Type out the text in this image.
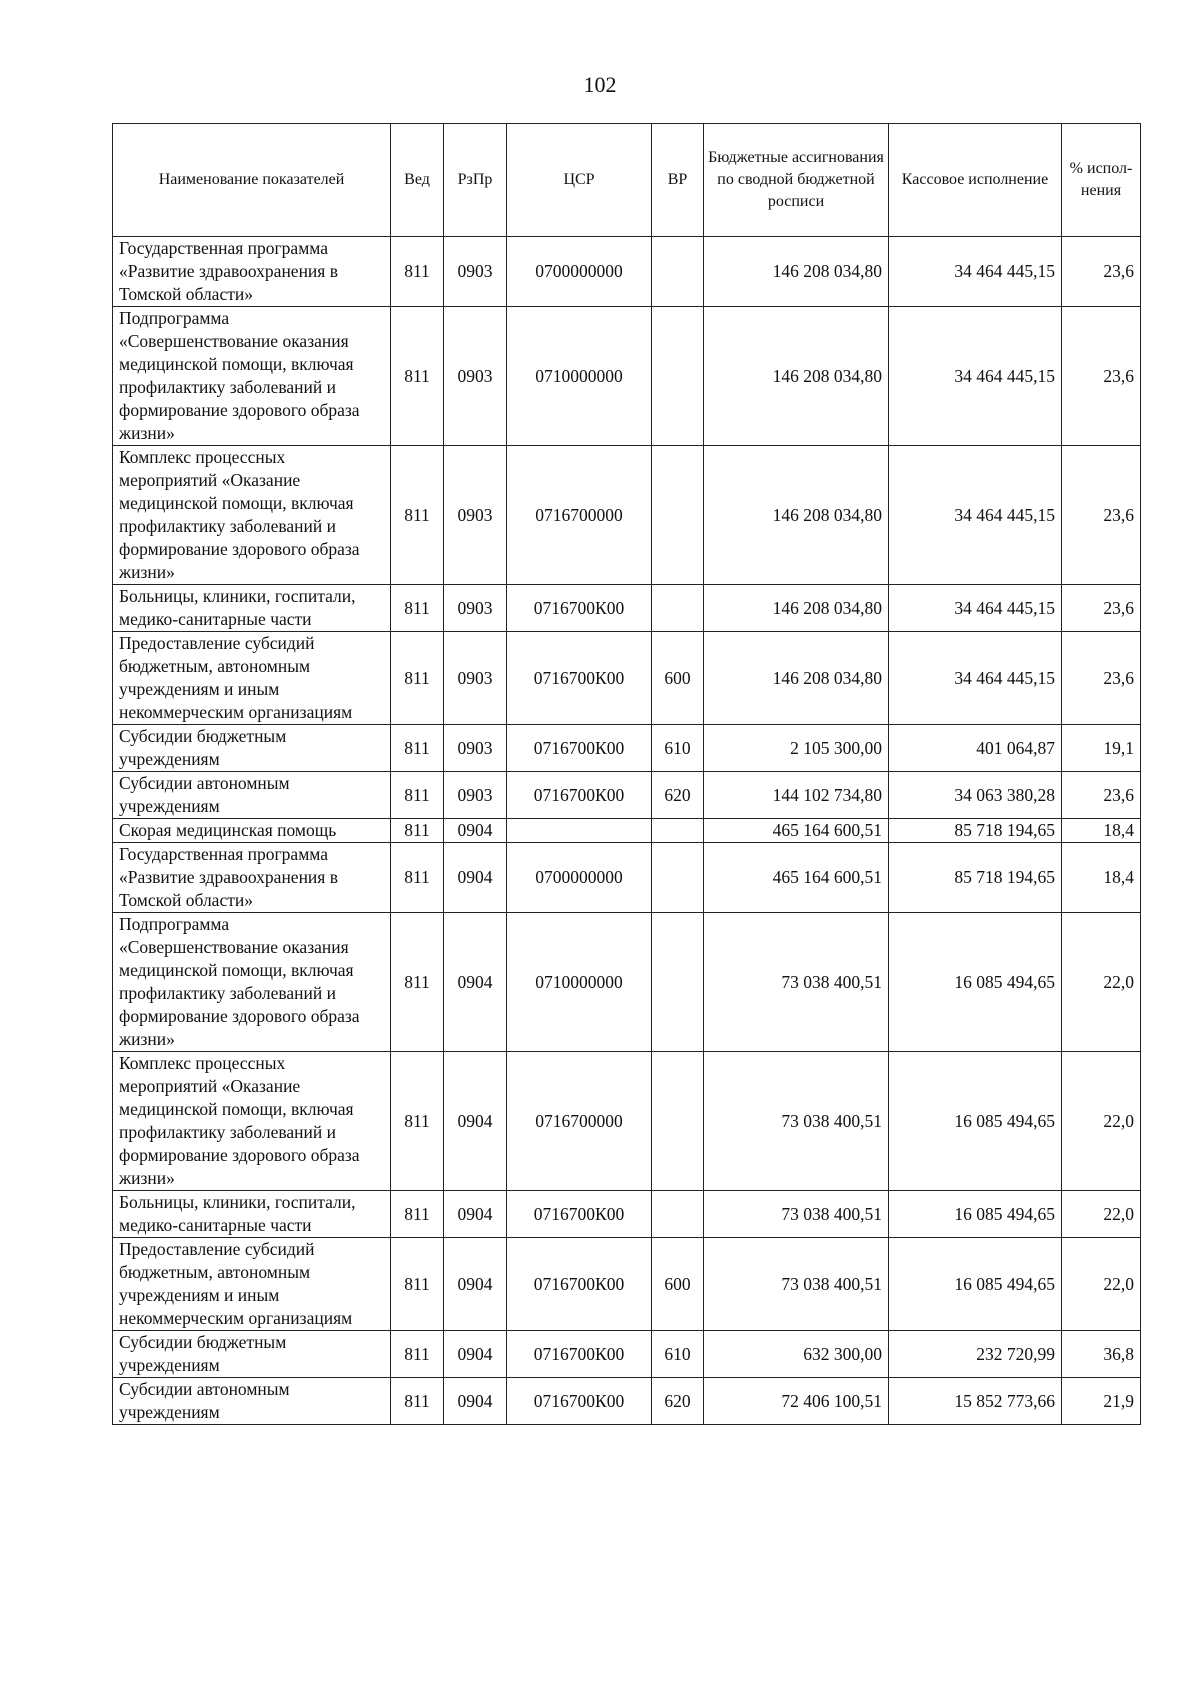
102
Наименование показателей	Вед	РзПр	ЦСР	ВР	Бюджетные ассигнования по сводной бюджетной росписи	Кассовое исполнение	% испол-нения
Государственная программа «Развитие здравоохранения в Томской области»	811	0903	0700000000		146 208 034,80	34 464 445,15	23,6
Подпрограмма «Совершенствование оказания медицинской помощи, включая профилактику заболеваний и формирование здорового образа жизни»	811	0903	0710000000		146 208 034,80	34 464 445,15	23,6
Комплекс процессных мероприятий «Оказание медицинской помощи, включая профилактику заболеваний и формирование здорового образа жизни»	811	0903	0716700000		146 208 034,80	34 464 445,15	23,6
Больницы, клиники, госпитали, медико-санитарные части	811	0903	0716700К00		146 208 034,80	34 464 445,15	23,6
Предоставление субсидий бюджетным, автономным учреждениям и иным некоммерческим организациям	811	0903	0716700К00	600	146 208 034,80	34 464 445,15	23,6
Субсидии бюджетным учреждениям	811	0903	0716700К00	610	2 105 300,00	401 064,87	19,1
Субсидии автономным учреждениям	811	0903	0716700К00	620	144 102 734,80	34 063 380,28	23,6
Скорая медицинская помощь	811	0904			465 164 600,51	85 718 194,65	18,4
Государственная программа «Развитие здравоохранения в Томской области»	811	0904	0700000000		465 164 600,51	85 718 194,65	18,4
Подпрограмма «Совершенствование оказания медицинской помощи, включая профилактику заболеваний и формирование здорового образа жизни»	811	0904	0710000000		73 038 400,51	16 085 494,65	22,0
Комплекс процессных мероприятий «Оказание медицинской помощи, включая профилактику заболеваний и формирование здорового образа жизни»	811	0904	0716700000		73 038 400,51	16 085 494,65	22,0
Больницы, клиники, госпитали, медико-санитарные части	811	0904	0716700К00		73 038 400,51	16 085 494,65	22,0
Предоставление субсидий бюджетным, автономным учреждениям и иным некоммерческим организациям	811	0904	0716700К00	600	73 038 400,51	16 085 494,65	22,0
Субсидии бюджетным учреждениям	811	0904	0716700К00	610	632 300,00	232 720,99	36,8
Субсидии автономным учреждениям	811	0904	0716700К00	620	72 406 100,51	15 852 773,66	21,9
